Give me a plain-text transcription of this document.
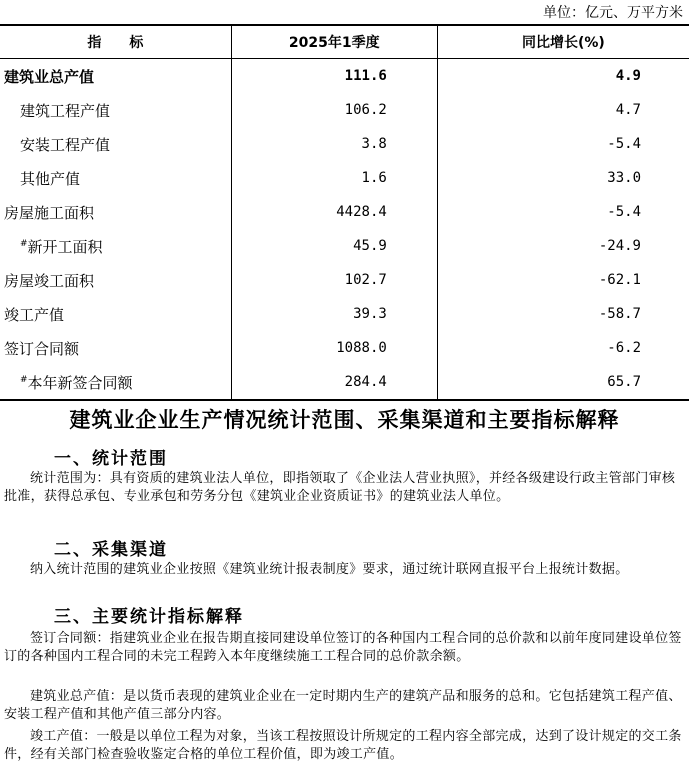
单位：亿元、万平方米
指　　标	2025年1季度	同比增长(%)
建筑业总产值	111.6	4.9
建筑工程产值	106.2	4.7
安装工程产值	3.8	-5.4
其他产值	1.6	33.0
房屋施工面积	4428.4	-5.4
#新开工面积	45.9	-24.9
房屋竣工面积	102.7	-62.1
竣工产值	39.3	-58.7
签订合同额	1088.0	-6.2
#本年新签合同额	284.4	65.7
建筑业企业生产情况统计范围、采集渠道和主要指标解释
一、统计范围
统计范围为：具有资质的建筑业法人单位，即指领取了《企业法人营业执照》，并经各级建设行政主管部门审核批准，获得总承包、专业承包和劳务分包《建筑业企业资质证书》的建筑业法人单位。
二、采集渠道
纳入统计范围的建筑业企业按照《建筑业统计报表制度》要求，通过统计联网直报平台上报统计数据。
三、主要统计指标解释
签订合同额：指建筑业企业在报告期直接同建设单位签订的各种国内工程合同的总价款和以前年度同建设单位签订的各种国内工程合同的未完工程跨入本年度继续施工工程合同的总价款余额。
建筑业总产值：是以货币表现的建筑业企业在一定时期内生产的建筑产品和服务的总和。它包括建筑工程产值、安装工程产值和其他产值三部分内容。
竣工产值：一般是以单位工程为对象，当该工程按照设计所规定的工程内容全部完成，达到了设计规定的交工条件，经有关部门检查验收鉴定合格的单位工程价值，即为竣工产值。
